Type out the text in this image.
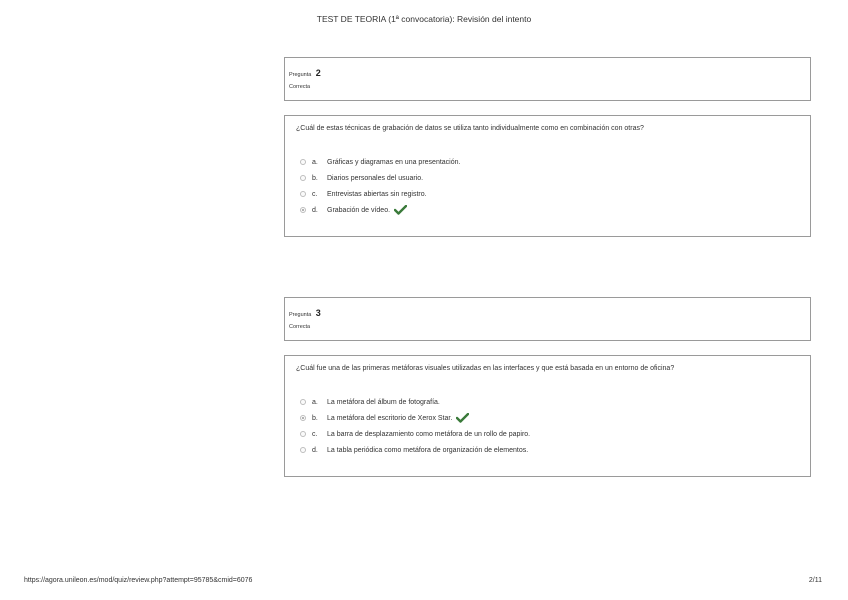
TEST DE TEORIA (1ª convocatoria): Revisión del intento
Pregunta 2
Correcta
¿Cuál de estas técnicas de grabación de datos se utiliza tanto individualmente como en combinación con otras?
a.	Gráficas y diagramas en una presentación.
b.	Diarios personales del usuario.
c.	Entrevistas abiertas sin registro.
d.	Grabación de vídeo.
Pregunta 3
Correcta
¿Cuál fue una de las primeras metáforas visuales utilizadas en las interfaces y que está basada en un entorno de oficina?
a.	La metáfora del álbum de fotografía.
b.	La metáfora del escritorio de Xerox Star.
c.	La barra de desplazamiento como metáfora de un rollo de papiro.
d.	La tabla periódica como metáfora de organización de elementos.
https://agora.unileon.es/mod/quiz/review.php?attempt=95785&cmid=6076	2/11
